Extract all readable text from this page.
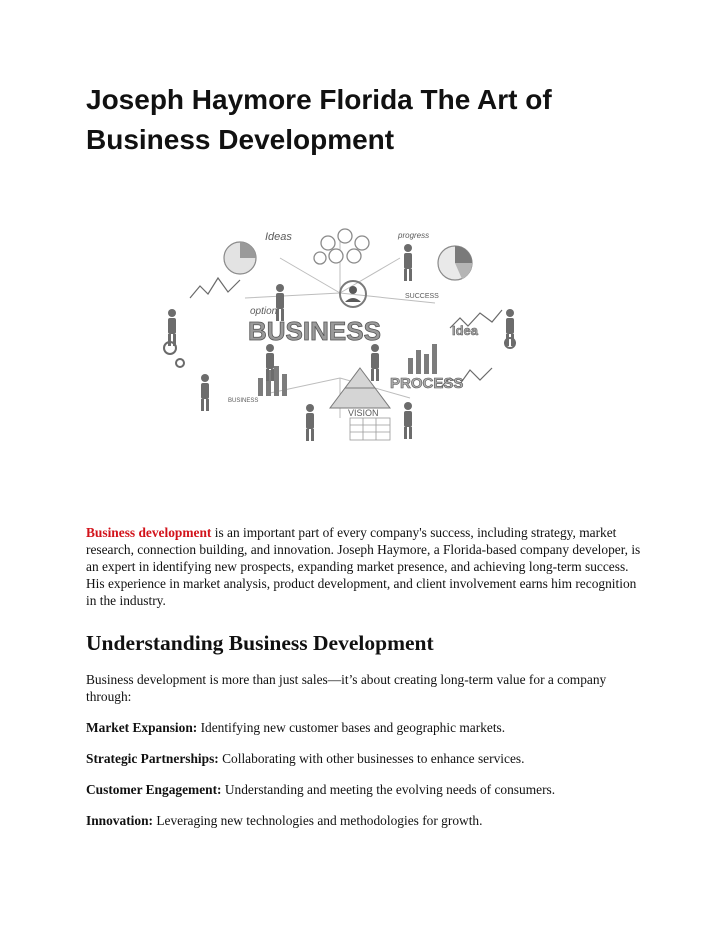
Joseph Haymore Florida The Art of Business Development
Ideas	progress
SUCCESS
option
BUSINESS	Idea
PROCESS
BUSINESS
VISION

Business development is an important part of every company's success, including strategy, market research, connection building, and innovation. Joseph Haymore, a Florida-based company developer, is an expert in identifying new prospects, expanding market presence, and achieving long-term success. His experience in market analysis, product development, and client involvement earns him recognition in the industry.

Understanding Business Development

Business development is more than just sales—it’s about creating long-term value for a company through:

Market Expansion: Identifying new customer bases and geographic markets.

Strategic Partnerships: Collaborating with other businesses to enhance services.

Customer Engagement: Understanding and meeting the evolving needs of consumers.

Innovation: Leveraging new technologies and methodologies for growth.
